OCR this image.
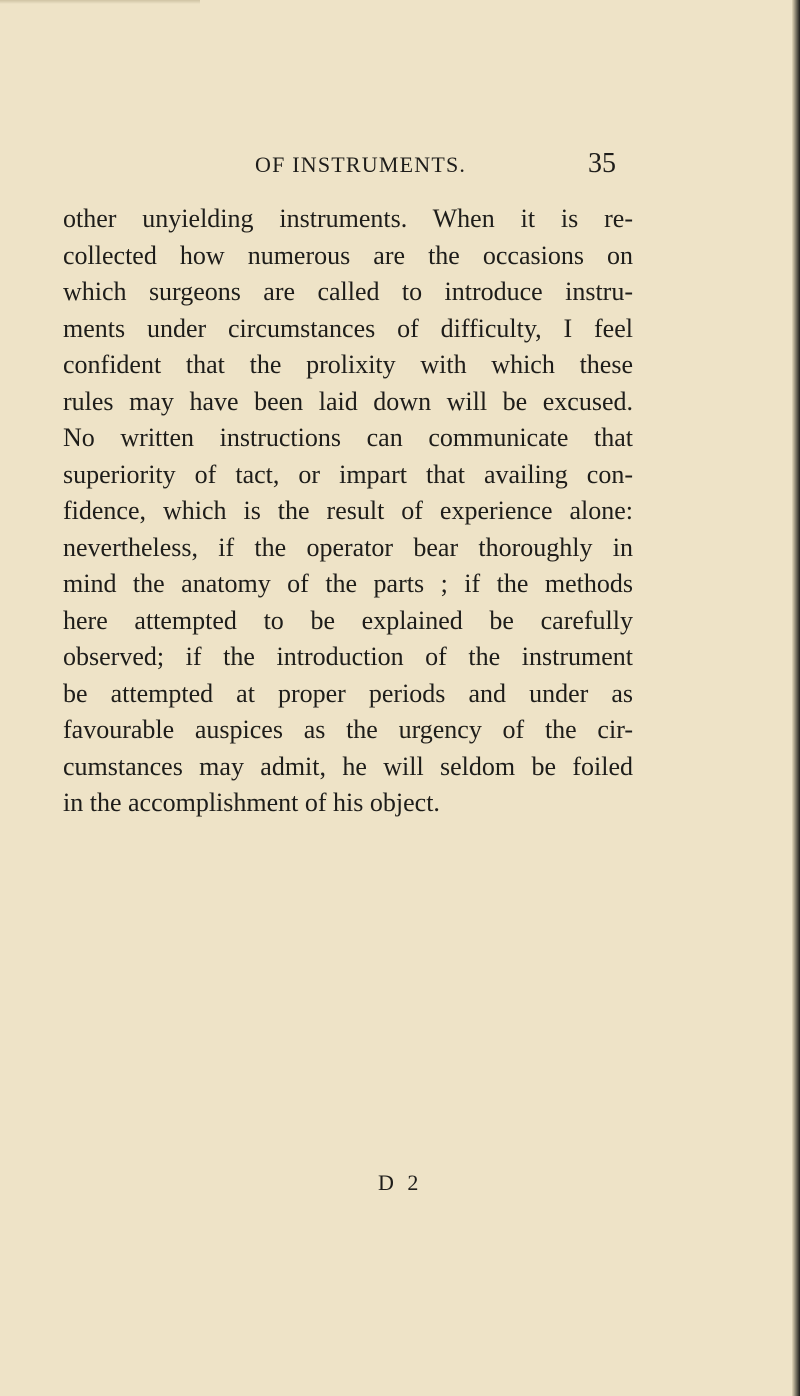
OF INSTRUMENTS.	35
other unyielding instruments. When it is re-
collected how numerous are the occasions on
which surgeons are called to introduce instru-
ments under circumstances of difficulty, I feel
confident that the prolixity with which these
rules may have been laid down will be excused.
No written instructions can communicate that
superiority of tact, or impart that availing con-
fidence, which is the result of experience alone:
nevertheless, if the operator bear thoroughly in
mind the anatomy of the parts ; if the methods
here attempted to be explained be carefully
observed; if the introduction of the instrument
be attempted at proper periods and under as
favourable auspices as the urgency of the cir-
cumstances may admit, he will seldom be foiled
in the accomplishment of his object.
D 2
